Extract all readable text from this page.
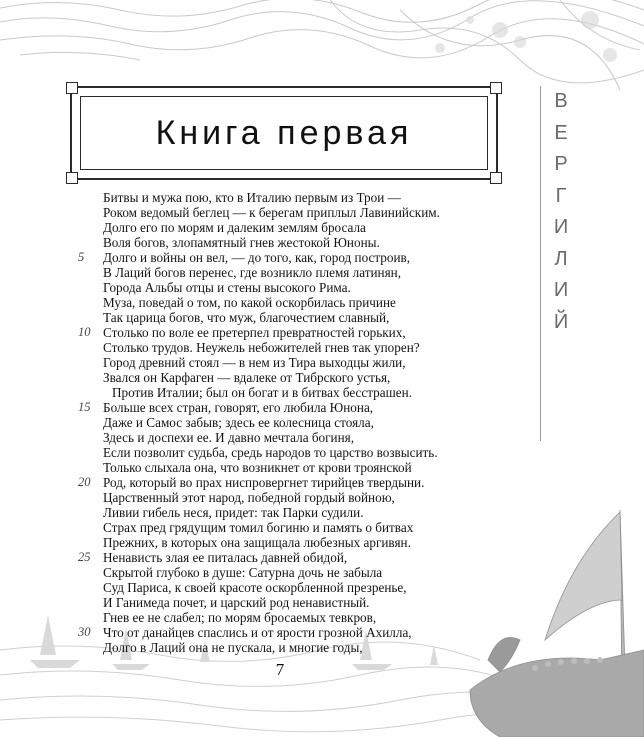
Книга первая
В
Е
Р
Г
И
Л
И
Й
Битвы и мужа пою, кто в Италию первым из Трои —
Роком ведомый беглец — к берегам приплыл Лавинийским.
Долго его по морям и далеким землям бросала
Воля богов, злопамятный гнев жестокой Юноны.
5	Долго и войны он вел, — до того, как, город построив,
В Лаций богов перенес, где возникло племя латинян,
Города Альбы отцы и стены высокого Рима.
Муза, поведай о том, по какой оскорбилась причине
Так царица богов, что муж, благочестием славный,
10 Столько по воле ее претерпел превратностей горьких,
Столько трудов. Неужель небожителей гнев так упорен?
Город древний стоял — в нем из Тира выходцы жили,
Звался он Карфаген — вдалеке от Тибрского устья,
Против Италии; был он богат и в битвах бесстрашен.
15 Больше всех стран, говорят, его любила Юнона,
Даже и Самос забыв; здесь ее колесница стояла,
Здесь и доспехи ее. И давно мечтала богиня,
Если позволит судьба, средь народов то царство возвысить.
Только слыхала она, что возникнет от крови троянской
20 Род, который во прах ниспровергнет тирийцев твердыни.
Царственный этот народ, победной гордый войною,
Ливии гибель неся, придет: так Парки судили.
Страх пред грядущим томил богиню и память о битвах
Прежних, в которых она защищала любезных аргивян.
25 Ненависть злая ее питалась давней обидой,
Скрытой глубоко в душе: Сатурна дочь не забыла
Суд Париса, к своей красоте оскорбленной презренье,
И Ганимеда почет, и царский род ненавистный.
Гнев ее не слабел; по морям бросаемых тевкров,
30 Что от данайцев спаслись и от ярости грозной Ахилла,
Долго в Лаций она не пускала, и многие годы,
7
